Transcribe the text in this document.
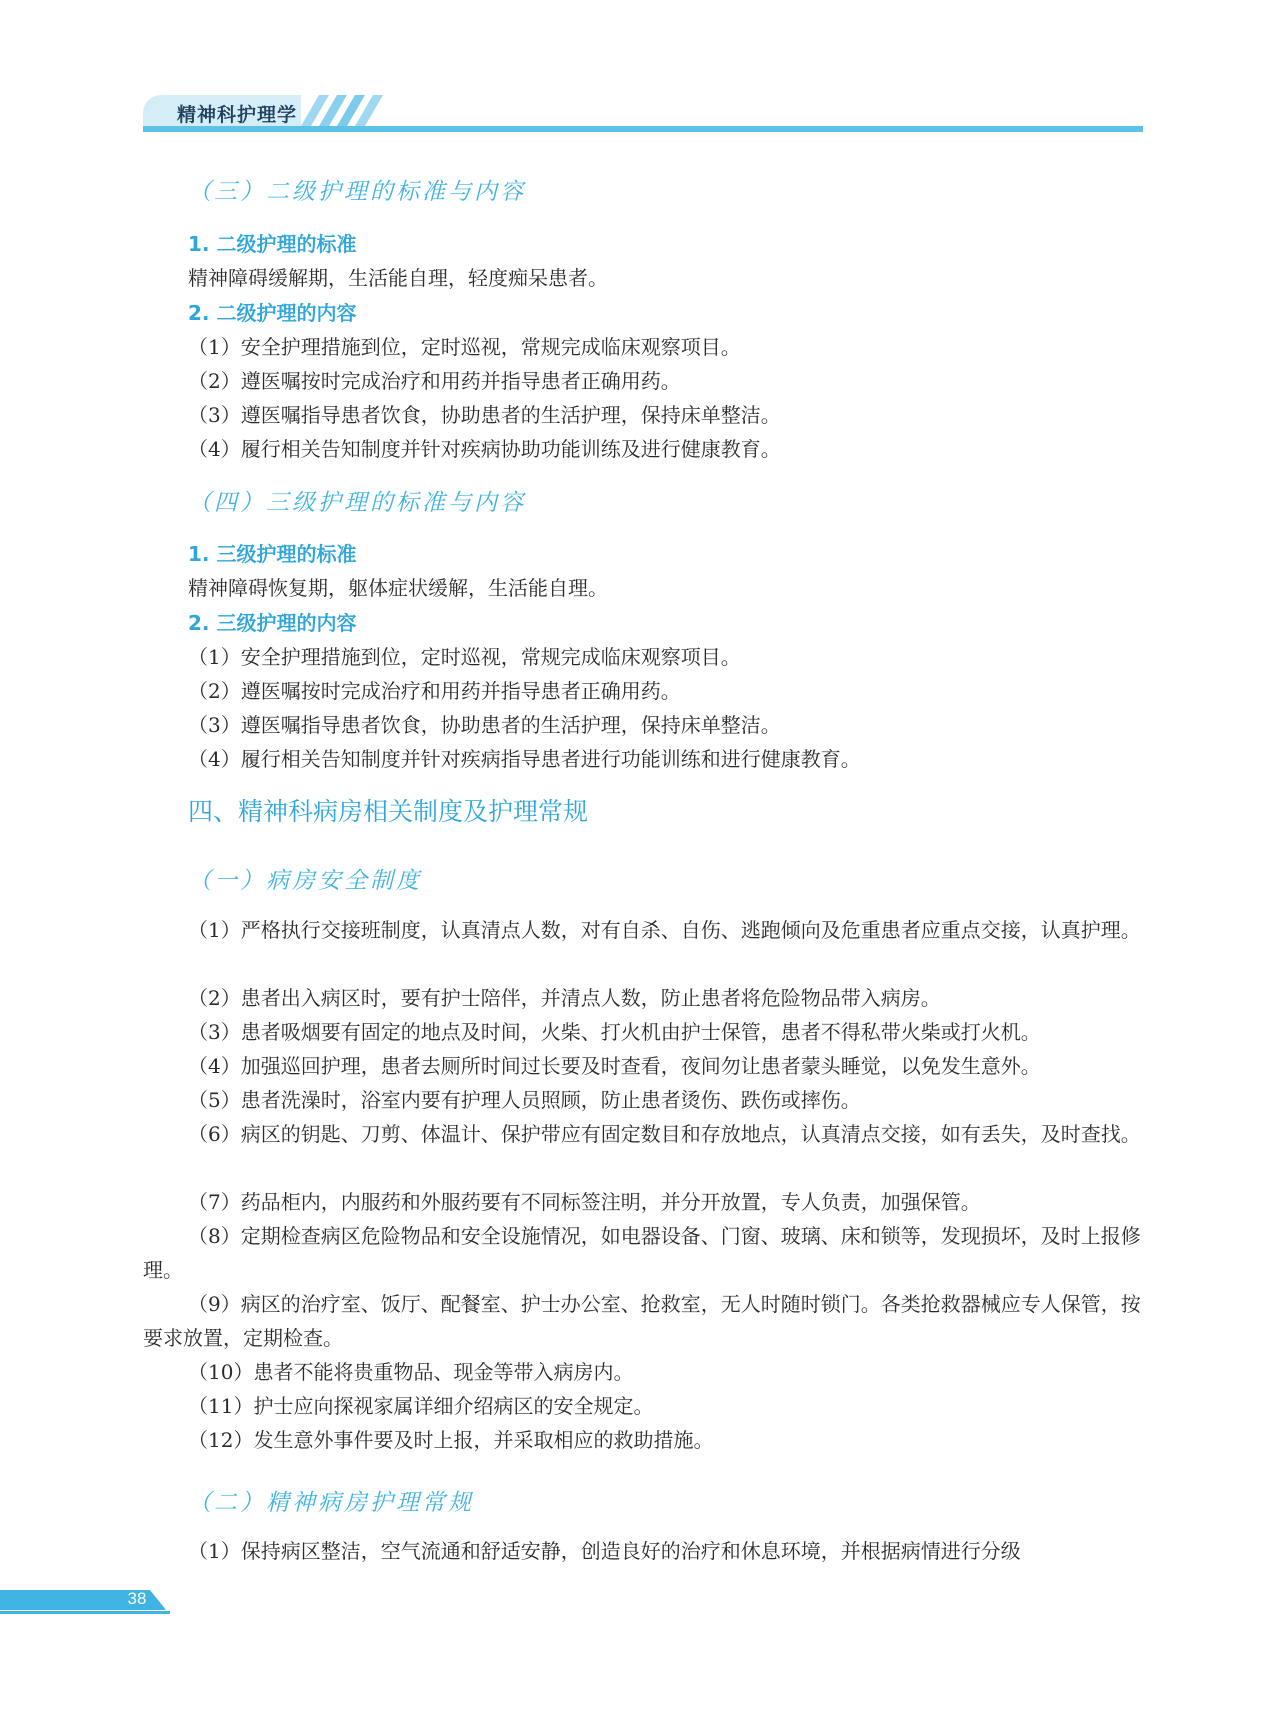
精神科护理学
（三）二级护理的标准与内容
1. 二级护理的标准
精神障碍缓解期，生活能自理，轻度痴呆患者。
2. 二级护理的内容
（1）安全护理措施到位，定时巡视，常规完成临床观察项目。
（2）遵医嘱按时完成治疗和用药并指导患者正确用药。
（3）遵医嘱指导患者饮食，协助患者的生活护理，保持床单整洁。
（4）履行相关告知制度并针对疾病协助功能训练及进行健康教育。
（四）三级护理的标准与内容
1. 三级护理的标准
精神障碍恢复期，躯体症状缓解，生活能自理。
2. 三级护理的内容
（1）安全护理措施到位，定时巡视，常规完成临床观察项目。
（2）遵医嘱按时完成治疗和用药并指导患者正确用药。
（3）遵医嘱指导患者饮食，协助患者的生活护理，保持床单整洁。
（4）履行相关告知制度并针对疾病指导患者进行功能训练和进行健康教育。
四、精神科病房相关制度及护理常规
（一）病房安全制度
（1）严格执行交接班制度，认真清点人数，对有自杀、自伤、逃跑倾向及危重患者应重点交接，认真护理。
（2）患者出入病区时，要有护士陪伴，并清点人数，防止患者将危险物品带入病房。
（3）患者吸烟要有固定的地点及时间，火柴、打火机由护士保管，患者不得私带火柴或打火机。
（4）加强巡回护理，患者去厕所时间过长要及时查看，夜间勿让患者蒙头睡觉，以免发生意外。
（5）患者洗澡时，浴室内要有护理人员照顾，防止患者烫伤、跌伤或摔伤。
（6）病区的钥匙、刀剪、体温计、保护带应有固定数目和存放地点，认真清点交接，如有丢失，及时查找。
（7）药品柜内，内服药和外服药要有不同标签注明，并分开放置，专人负责，加强保管。
（8）定期检查病区危险物品和安全设施情况，如电器设备、门窗、玻璃、床和锁等，发现损坏，及时上报修理。
（9）病区的治疗室、饭厅、配餐室、护士办公室、抢救室，无人时随时锁门。各类抢救器械应专人保管，按要求放置，定期检查。
（10）患者不能将贵重物品、现金等带入病房内。
（11）护士应向探视家属详细介绍病区的安全规定。
（12）发生意外事件要及时上报，并采取相应的救助措施。
（二）精神病房护理常规
（1）保持病区整洁，空气流通和舒适安静，创造良好的治疗和休息环境，并根据病情进行分级
38
